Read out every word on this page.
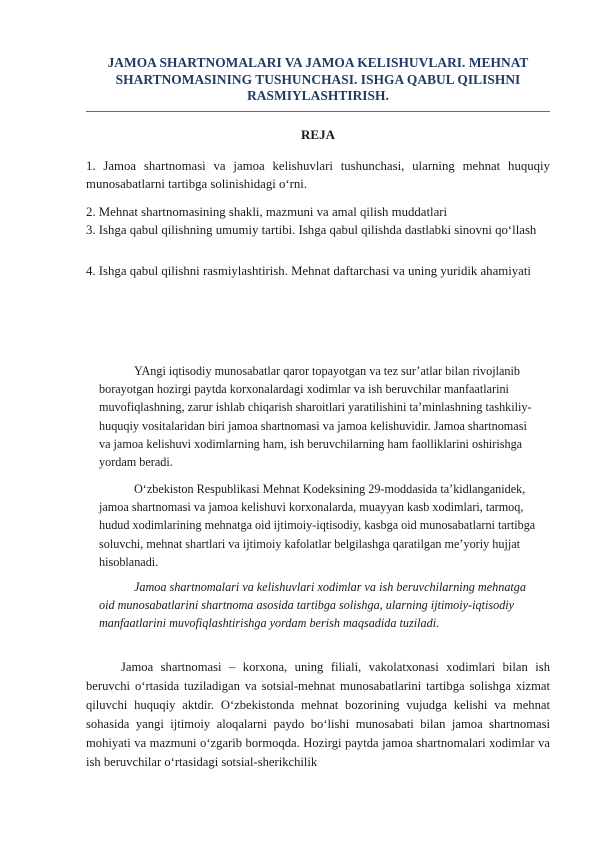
JAMOA SHARTNOMALARI VA JAMOA KELISHUVLARI. MEHNAT SHARTNOMASINING TUSHUNCHASI. ISHGA QABUL QILISHNI RASMIYLASHTIRISH.
REJA
1. Jamoa shartnomasi va jamoa kelishuvlari tushunchasi, ularning mehnat huquqiy munosabatlarni tartibga solinishidagi o‘rni.
2. Mehnat shartnomasining shakli, mazmuni va amal qilish muddatlari
3. Ishga qabul qilishning umumiy tartibi. Ishga qabul qilishda dastlabki sinovni qo‘llash
4. Ishga qabul qilishni rasmiylashtirish. Mehnat daftarchasi va uning yuridik ahamiyati
YAngi iqtisodiy munosabatlar qaror topayotgan va tez sur’atlar bilan rivojlanib borayotgan hozirgi paytda korxonalardagi xodimlar va ish beruvchilar manfaatlarini muvofiqlashning, zarur ishlab chiqarish sharoitlari yaratilishini ta’minlashning tashkiliy-huquqiy vositalaridan biri jamoa shartnomasi va jamoa kelishuvidir. Jamoa shartnomasi va jamoa kelishuvi xodimlarning ham, ish beruvchilarning ham faolliklarini oshirishga yordam beradi.
O‘zbekiston Respublikasi Mehnat Kodeksining 29-moddasida ta’kidlanganidek, jamoa shartnomasi va jamoa kelishuvi korxonalarda, muayyan kasb xodimlari, tarmoq, hudud xodimlarining mehnatga oid ijtimoiy-iqtisodiy, kasbga oid munosabatlarni tartibga soluvchi, mehnat shartlari va ijtimoiy kafolatlar belgilashga qaratilgan me’yoriy hujjat hisoblanadi.
Jamoa shartnomalari va kelishuvlari xodimlar va ish beruvchilarning mehnatga oid munosabatlarini shartnoma asosida tartibga solishga, ularning ijtimoiy-iqtisodiy manfaatlarini muvofiqlashtirishga yordam berish maqsadida tuziladi.
Jamoa shartnomasi – korxona, uning filiali, vakolatxonasi xodimlari bilan ish beruvchi o‘rtasida tuziladigan va sotsial-mehnat munosabatlarini tartibga solishga xizmat qiluvchi huquqiy aktdir. O‘zbekistonda mehnat bozorining vujudga kelishi va mehnat sohasida yangi ijtimoiy aloqalarni paydo bo‘lishi munosabati bilan jamoa shartnomasi mohiyati va mazmuni o‘zgarib bormoqda. Hozirgi paytda jamoa shartnomalari xodimlar va ish beruvchilar o‘rtasidagi sotsial-sherikchilik
